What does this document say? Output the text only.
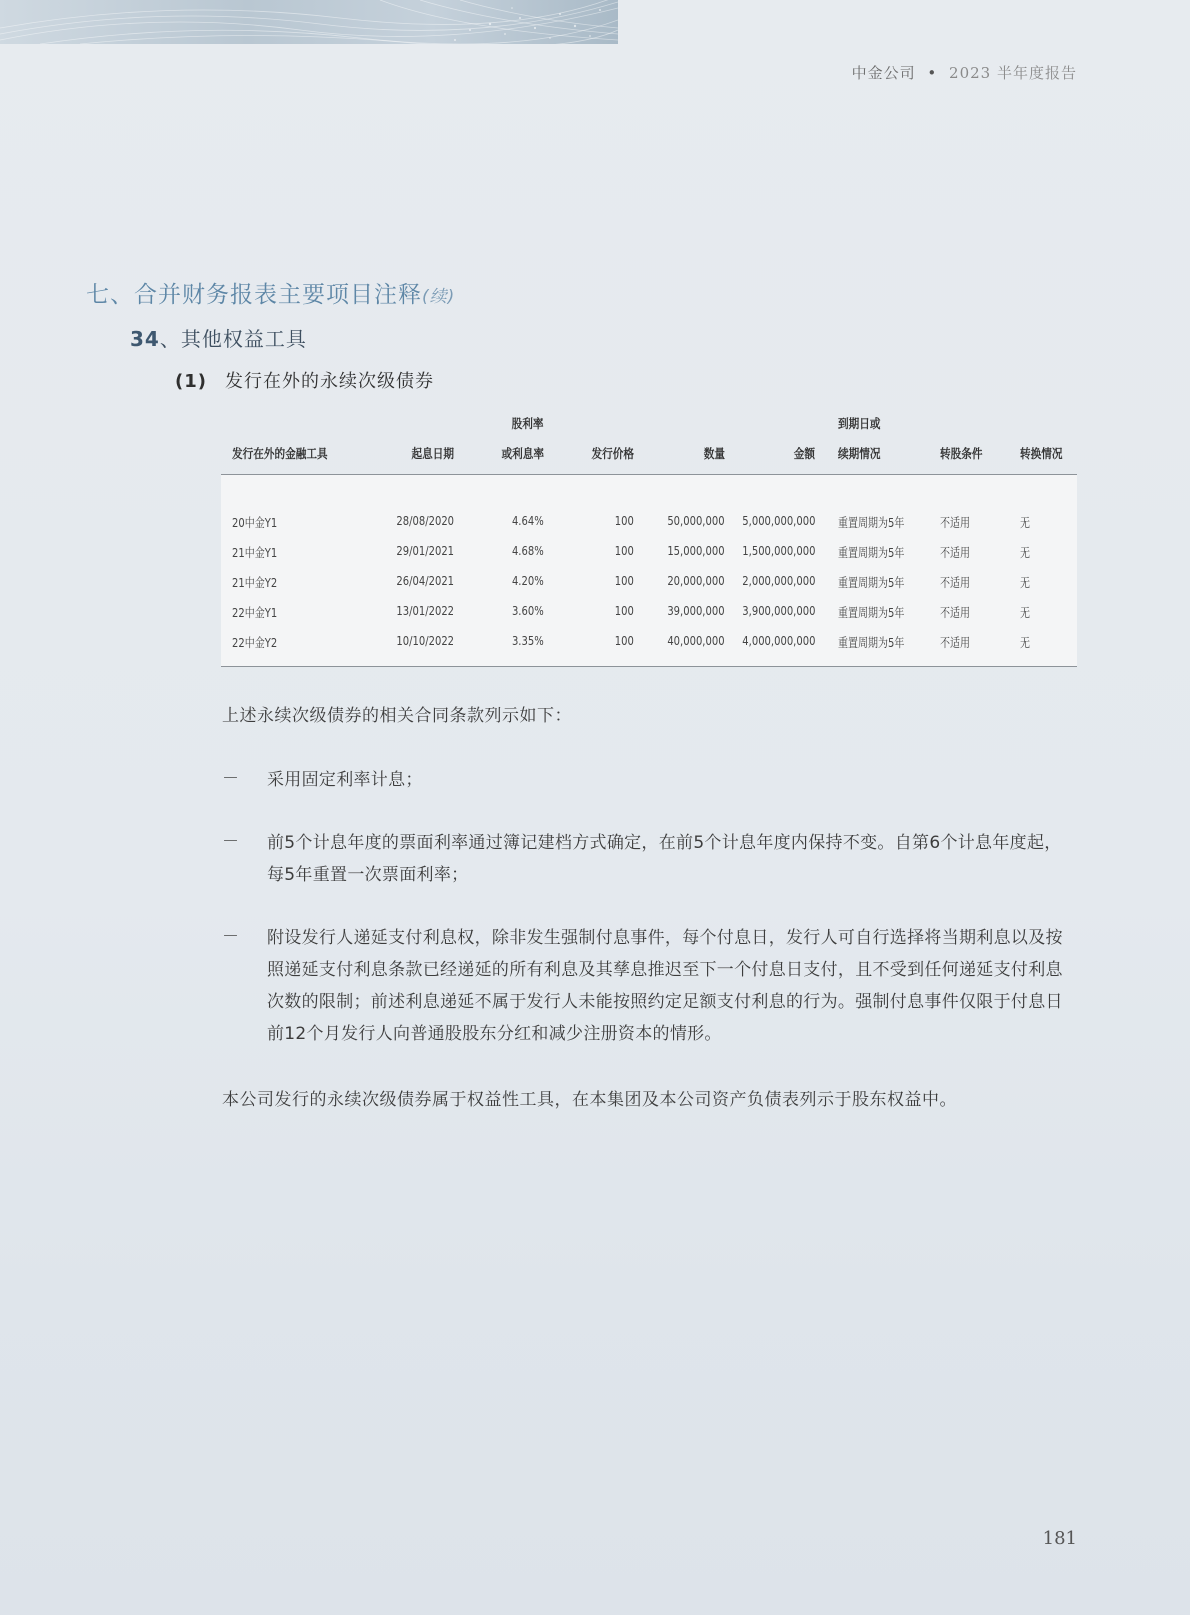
中金公司 • 2023 半年度报告
七、合并财务报表主要项目注释(续)
34、其他权益工具
(1) 发行在外的永续次级债券
发行在外的金融工具	起息日期
股利率
或利息率	发行价格	数量	金额
到期日或
续期情况	转股条件	转换情况
20中金Y1	28/08/2020	4.64%	100	50,000,000 5,000,000,000 重置周期为5年	不适用	无
21中金Y1	29/01/2021	4.68%	100	15,000,000 1,500,000,000 重置周期为5年	不适用	无
21中金Y2	26/04/2021	4.20%	100	20,000,000 2,000,000,000 重置周期为5年	不适用	无
22中金Y1	13/01/2022	3.60%	100	39,000,000 3,900,000,000 重置周期为5年	不适用	无
22中金Y2	10/10/2022	3.35%	100	40,000,000 4,000,000,000 重置周期为5年	不适用	无

上述永续次级债券的相关合同条款列示如下：

－ 采用固定利率计息；

－ 前5个计息年度的票面利率通过簿记建档方式确定，在前5个计息年度内保持不变。自第6个计息年度起，每5年重置一次票面利率；

－ 附设发行人递延支付利息权，除非发生强制付息事件，每个付息日，发行人可自行选择将当期利息以及按照递延支付利息条款已经递延的所有利息及其孳息推迟至下一个付息日支付，且不受到任何递延支付利息次数的限制；前述利息递延不属于发行人未能按照约定足额支付利息的行为。强制付息事件仅限于付息日前12个月发行人向普通股股东分红和减少注册资本的情形。

本公司发行的永续次级债券属于权益性工具，在本集团及本公司资产负债表列示于股东权益中。

181
